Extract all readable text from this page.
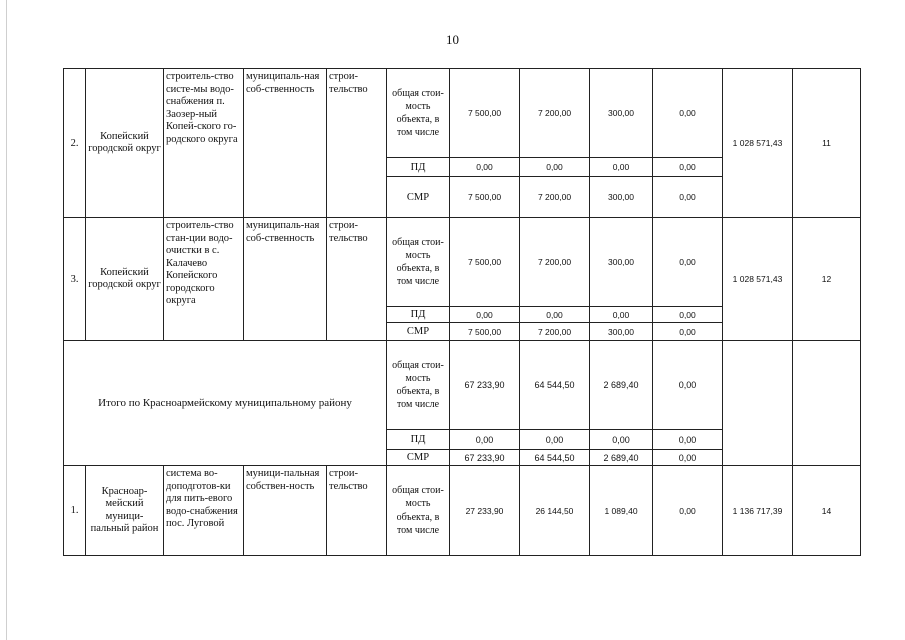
10
2.	Копейский городской округ	строитель-ство систе-мы водо-снабжения п. Заозер-ный Копей-ского го-родского округа	муниципаль-ная соб-ственность	строи-тельство	общая стои-мость объекта, в том числе	7 500,00	7 200,00	300,00	0,00	1 028 571,43	11
					ПД	0,00	0,00	0,00	0,00		
					СМР	7 500,00	7 200,00	300,00	0,00		
3.	Копейский городской округ	строитель-ство стан-ции водо-очистки в с. Калачево Копейского городского округа	муниципаль-ная соб-ственность	строи-тельство	общая стои-мость объекта, в том числе	7 500,00	7 200,00	300,00	0,00	1 028 571,43	12
					ПД	0,00	0,00	0,00	0,00		
					СМР	7 500,00	7 200,00	300,00	0,00		
Итого по Красноармейскому муниципальному району					общая стои-мость объекта, в том числе	67 233,90	64 544,50	2 689,40	0,00		
					ПД	0,00	0,00	0,00	0,00		
					СМР	67 233,90	64 544,50	2 689,40	0,00		
1.	Красноар-мейский муници-пальный район	система во-доподготов-ки для пить-евого водо-снабжения пос. Луговой	муници-пальная собствен-ность	строи-тельство	общая стои-мость объекта, в том числе	27 233,90	26 144,50	1 089,40	0,00	1 136 717,39	14
